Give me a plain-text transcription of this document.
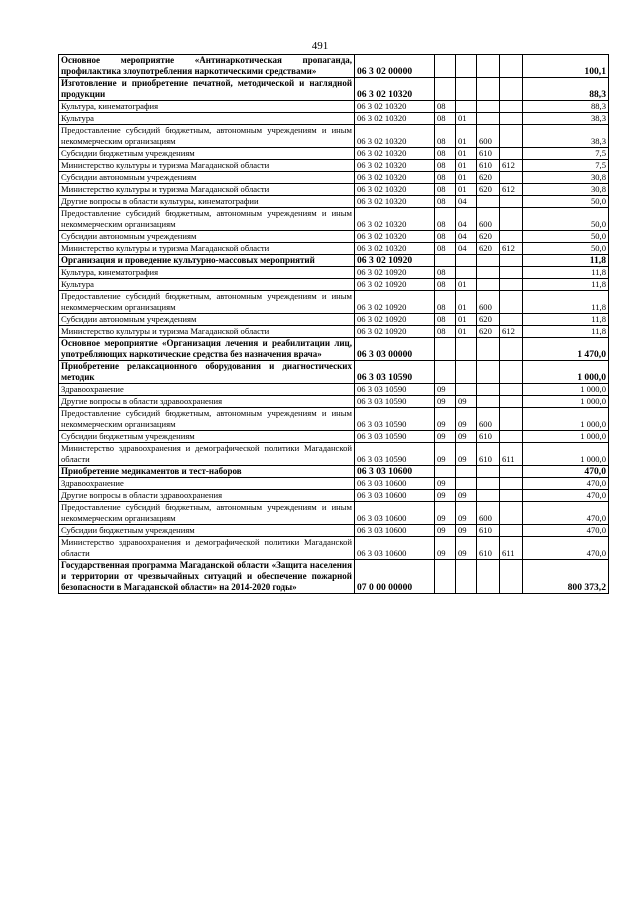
491
Основное мероприятие «Антинаркотическая пропаганда, профилактика злоупотребления наркотическими средствами»	06 3 02 00000					100,1
Изготовление и приобретение печатной, методической и наглядной продукции	06 3 02 10320					88,3
Культура, кинематография	06 3 02 10320	08				88,3
Культура	06 3 02 10320	08	01			38,3
Предоставление субсидий бюджетным, автономным учреждениям и иным некоммерческим организациям	06 3 02 10320	08	01	600		38,3
Субсидии бюджетным учреждениям	06 3 02 10320	08	01	610		7,5
Министерство культуры и туризма Магаданской области	06 3 02 10320	08	01	610	612	7,5
Субсидии автономным учреждениям	06 3 02 10320	08	01	620		30,8
Министерство культуры и туризма Магаданской области	06 3 02 10320	08	01	620	612	30,8
Другие вопросы в области культуры, кинематографии	06 3 02 10320	08	04			50,0
Предоставление субсидий бюджетным, автономным учреждениям и иным некоммерческим организациям	06 3 02 10320	08	04	600		50,0
Субсидии автономным учреждениям	06 3 02 10320	08	04	620		50,0
Министерство культуры и туризма Магаданской области	06 3 02 10320	08	04	620	612	50,0
Организация и проведение культурно-массовых мероприятий	06 3 02 10920					11,8
Культура, кинематография	06 3 02 10920	08				11,8
Культура	06 3 02 10920	08	01			11,8
Предоставление субсидий бюджетным, автономным учреждениям и иным некоммерческим организациям	06 3 02 10920	08	01	600		11,8
Субсидии автономным учреждениям	06 3 02 10920	08	01	620		11,8
Министерство культуры и туризма Магаданской области	06 3 02 10920	08	01	620	612	11,8
Основное мероприятие «Организация лечения и реабилитации лиц, употребляющих наркотические средства без назначения врача»	06 3 03 00000					1 470,0
Приобретение релаксационного оборудования и диагностических методик	06 3 03 10590					1 000,0
Здравоохранение	06 3 03 10590	09				1 000,0
Другие вопросы в области здравоохранения	06 3 03 10590	09	09			1 000,0
Предоставление субсидий бюджетным, автономным учреждениям и иным некоммерческим организациям	06 3 03 10590	09	09	600		1 000,0
Субсидии бюджетным учреждениям	06 3 03 10590	09	09	610		1 000,0
Министерство здравоохранения и демографической политики Магаданской области	06 3 03 10590	09	09	610	611	1 000,0
Приобретение медикаментов и тест-наборов	06 3 03 10600					470,0
Здравоохранение	06 3 03 10600	09				470,0
Другие вопросы в области здравоохранения	06 3 03 10600	09	09			470,0
Предоставление субсидий бюджетным, автономным учреждениям и иным некоммерческим организациям	06 3 03 10600	09	09	600		470,0
Субсидии бюджетным учреждениям	06 3 03 10600	09	09	610		470,0
Министерство здравоохранения и демографической политики Магаданской области	06 3 03 10600	09	09	610	611	470,0
Государственная программа Магаданской области «Защита населения и территории от чрезвычайных ситуаций и обеспечение пожарной безопасности в Магаданской области» на 2014-2020 годы»	07 0 00 00000					800 373,2
